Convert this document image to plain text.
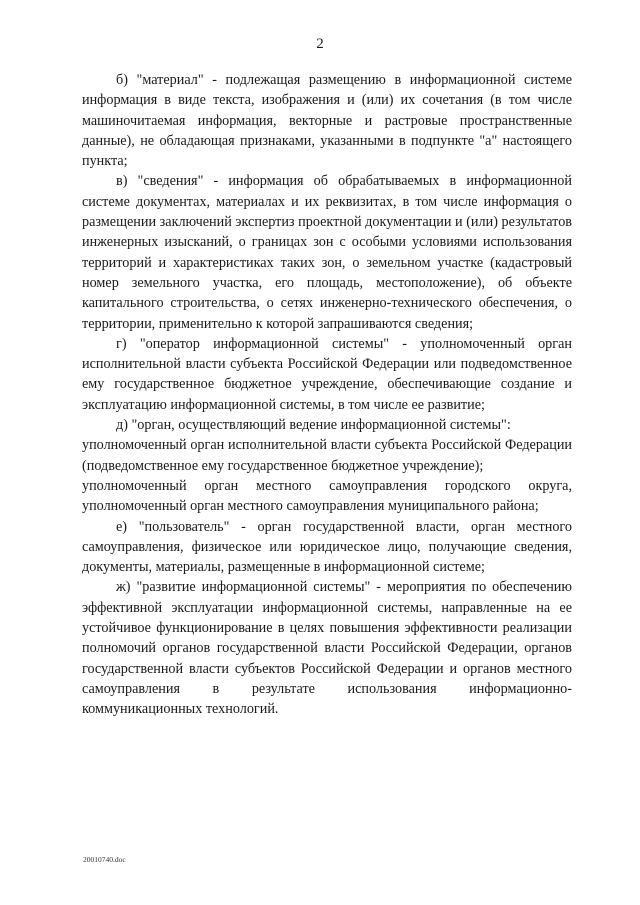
2

б) "материал" - подлежащая размещению в информационной системе информация в виде текста, изображения и (или) их сочетания (в том числе машиночитаемая информация, векторные и растровые пространственные данные), не обладающая признаками, указанными в подпункте "а" настоящего пункта;

в) "сведения" - информация об обрабатываемых в информационной системе документах, материалах и их реквизитах, в том числе информация о размещении заключений экспертиз проектной документации и (или) результатов инженерных изысканий, о границах зон с особыми условиями использования территорий и характеристиках таких зон, о земельном участке (кадастровый номер земельного участка, его площадь, местоположение), об объекте капитального строительства, о сетях инженерно-технического обеспечения, о территории, применительно к которой запрашиваются сведения;

г) "оператор информационной системы" - уполномоченный орган исполнительной власти субъекта Российской Федерации или подведомственное ему государственное бюджетное учреждение, обеспечивающие создание и эксплуатацию информационной системы, в том числе ее развитие;

д) "орган, осуществляющий ведение информационной системы":

уполномоченный орган исполнительной власти субъекта Российской Федерации (подведомственное ему государственное бюджетное учреждение);

уполномоченный орган местного самоуправления городского округа, уполномоченный орган местного самоуправления муниципального района;

е) "пользователь" - орган государственной власти, орган местного самоуправления, физическое или юридическое лицо, получающие сведения, документы, материалы, размещенные в информационной системе;

ж) "развитие информационной системы" - мероприятия по обеспечению эффективной эксплуатации информационной системы, направленные на ее устойчивое функционирование в целях повышения эффективности реализации полномочий органов государственной власти Российской Федерации, органов государственной власти субъектов Российской Федерации и органов местного самоуправления в результате использования информационно-коммуникационных технологий.

20010740.doc
